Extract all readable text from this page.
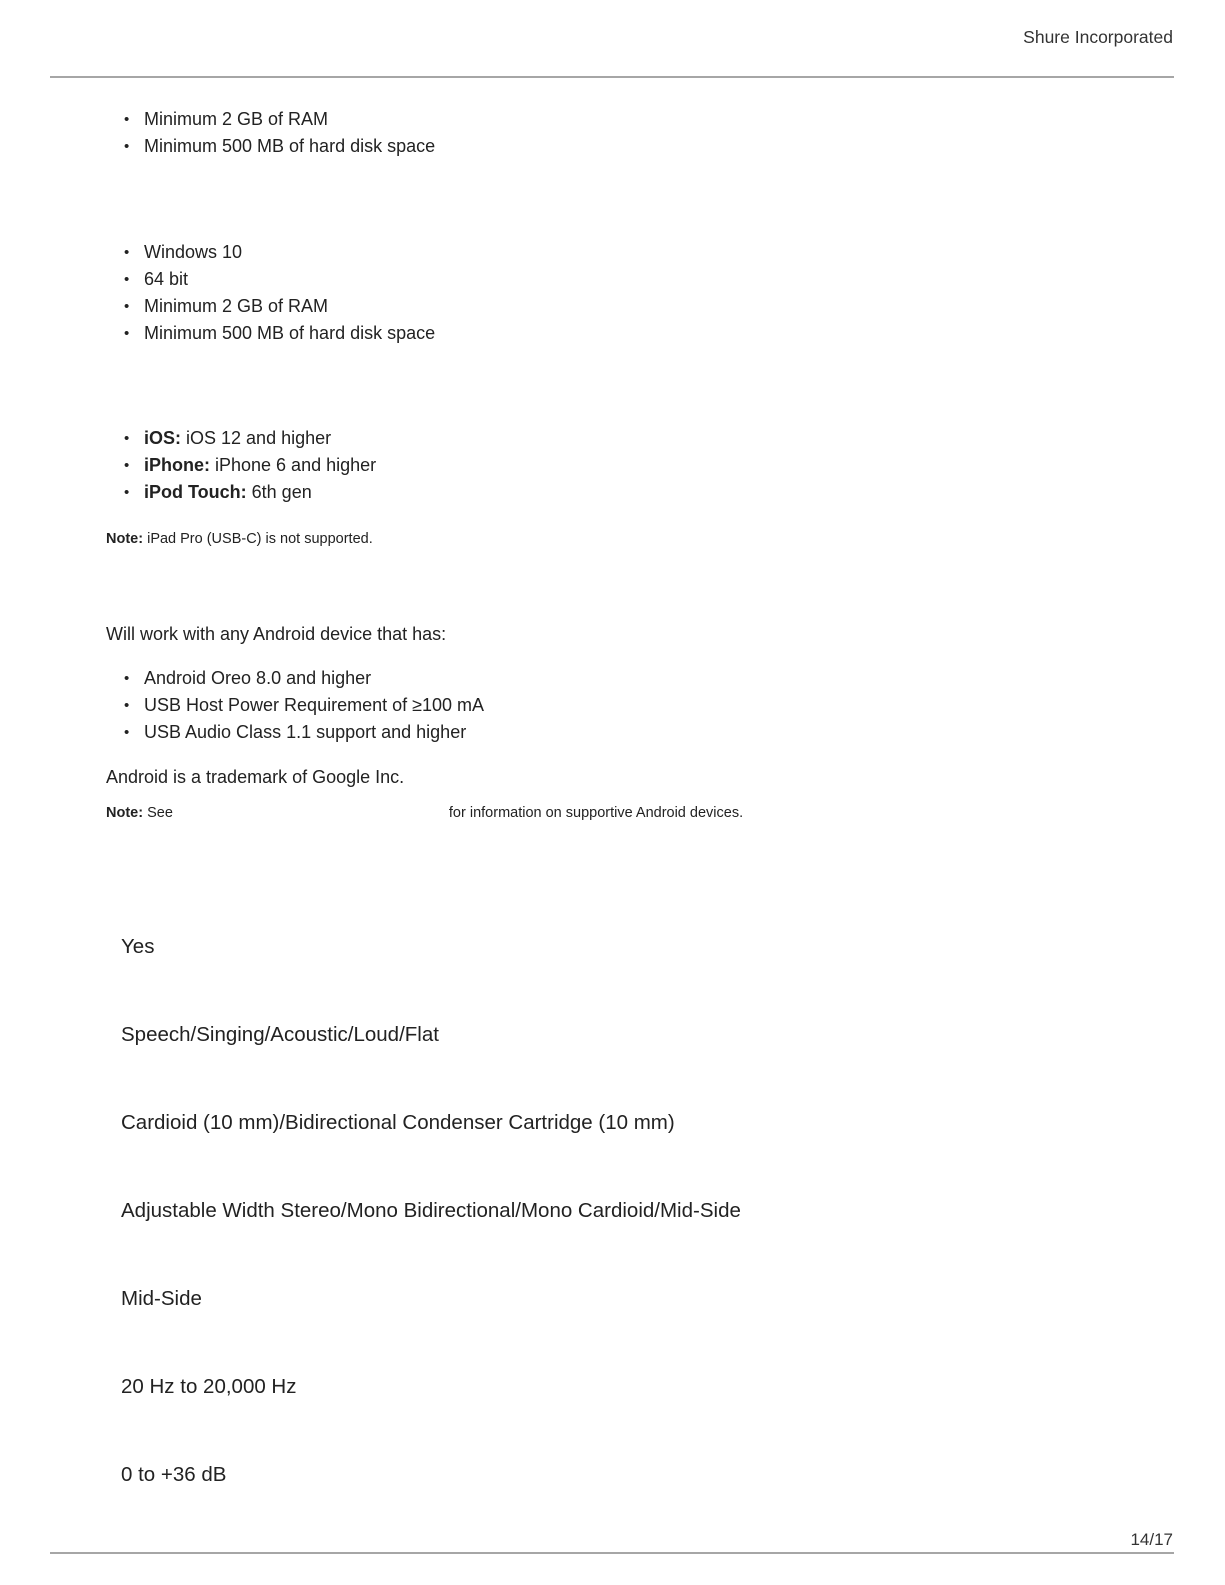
Shure Incorporated

• Minimum 2 GB of RAM
• Minimum 500 MB of hard disk space
• Windows 10
• 64 bit
• Minimum 2 GB of RAM
• Minimum 500 MB of hard disk space
• iOS: iOS 12 and higher
• iPhone: iPhone 6 and higher
• iPod Touch: 6th gen

Note: iPad Pro (USB-C) is not supported.

Will work with any Android device that has:

• Android Oreo 8.0 and higher
• USB Host Power Requirement of ≥100 mA
• USB Audio Class 1.1 support and higher

Android is a trademark of Google Inc.

Note: See	for information on supportive Android devices.

Yes

Speech/Singing/Acoustic/Loud/Flat

Cardioid (10 mm)/Bidirectional Condenser Cartridge (10 mm)

Adjustable Width Stereo/Mono Bidirectional/Mono Cardioid/Mid-Side

Mid-Side

20 Hz to 20,000 Hz

0 to +36 dB

14/17
